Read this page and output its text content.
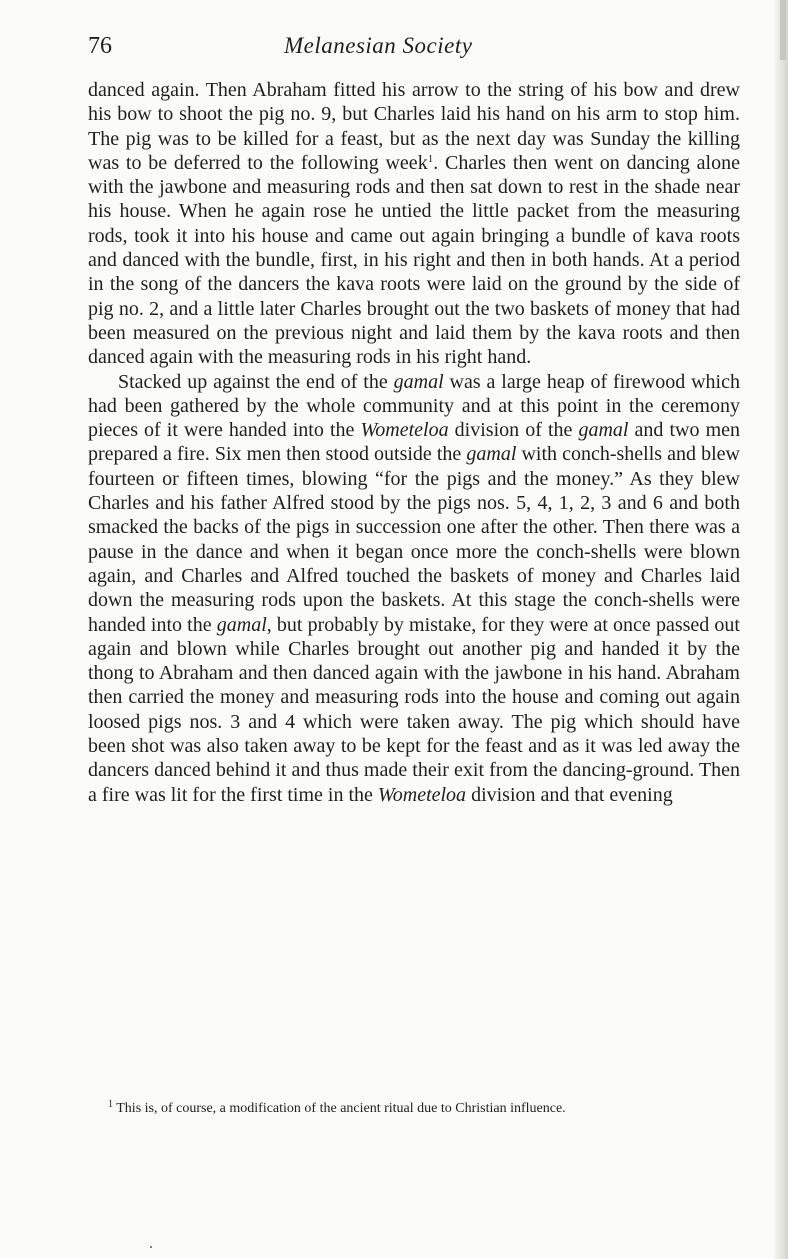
76	Melanesian Society

danced again. Then Abraham fitted his arrow to the string of his bow and drew his bow to shoot the pig no. 9, but Charles laid his hand on his arm to stop him. The pig was to be killed for a feast, but as the next day was Sunday the killing was to be deferred to the following week$^1$. Charles then went on dancing alone with the jawbone and measuring rods and then sat down to rest in the shade near his house. When he again rose he untied the little packet from the measuring rods, took it into his house and came out again bringing a bundle of kava roots and danced with the bundle, first, in his right and then in both hands. At a period in the song of the dancers the kava roots were laid on the ground by the side of pig no. 2, and a little later Charles brought out the two baskets of money that had been measured on the previous night and laid them by the kava roots and then danced again with the measuring rods in his right hand.

Stacked up against the end of the gamal was a large heap of firewood which had been gathered by the whole community and at this point in the ceremony pieces of it were handed into the Wometeloa division of the gamal and two men prepared a fire. Six men then stood outside the gamal with conch-shells and blew fourteen or fifteen times, blowing “for the pigs and the money.” As they blew Charles and his father Alfred stood by the pigs nos. 5, 4, 1, 2, 3 and 6 and both smacked the backs of the pigs in succession one after the other. Then there was a pause in the dance and when it began once more the conch-shells were blown again, and Charles and Alfred touched the baskets of money and Charles laid down the measuring rods upon the baskets. At this stage the conch-shells were handed into the gamal, but probably by mistake, for they were at once passed out again and blown while Charles brought out another pig and handed it by the thong to Abraham and then danced again with the jawbone in his hand. Abraham then carried the money and measuring rods into the house and coming out again loosed pigs nos. 3 and 4 which were taken away. The pig which should have been shot was also taken away to be kept for the feast and as it was led away the dancers danced behind it and thus made their exit from the dancing-ground. Then a fire was lit for the first time in the Wometeloa division and that evening

$^1$ This is, of course, a modification of the ancient ritual due to Christian influence.
